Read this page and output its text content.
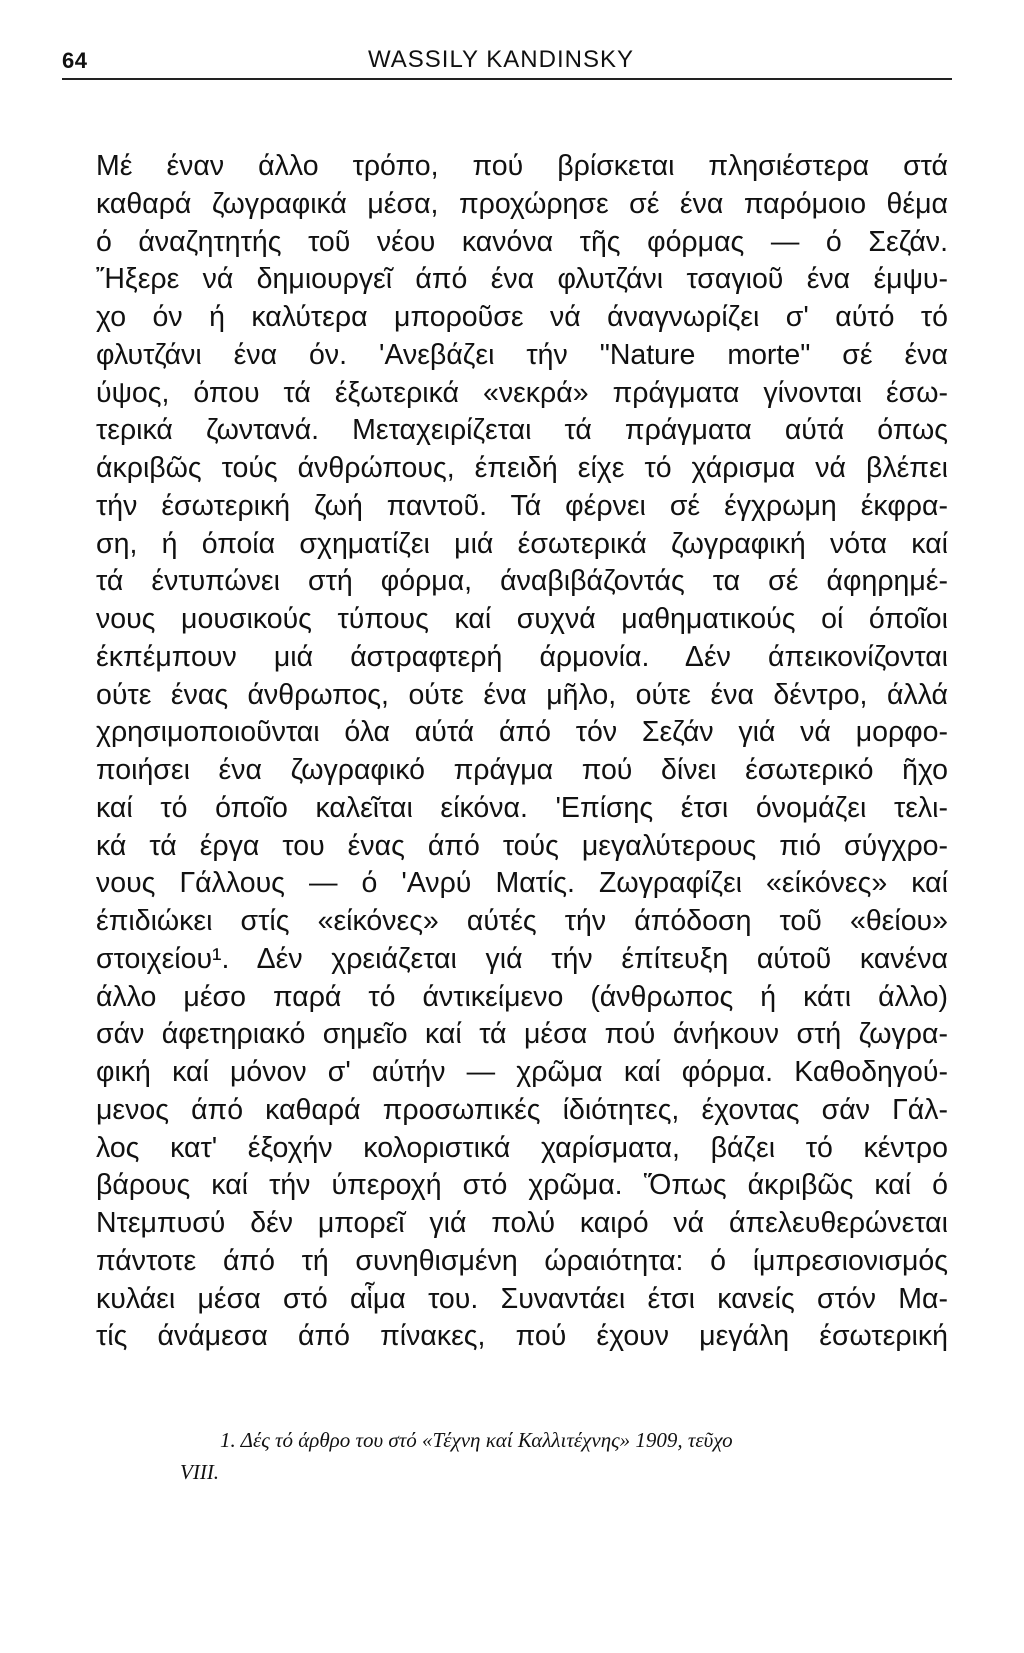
64	WASSILY KANDINSKY
Μέ έναν άλλο τρόπο, πού βρίσκεται πλησιέστερα στά
καθαρά ζωγραφικά μέσα, προχώρησε σέ ένα παρόμοιο θέμα
ό άναζητητής τοῦ νέου κανόνα τῆς φόρμας — ό Σεζάν.
Ἤξερε νά δημιουργεῖ άπό ένα φλυτζάνι τσαγιοῦ ένα έμψυ-
χο όν ή καλύτερα μποροῦσε νά άναγνωρίζει σ' αύτό τό
φλυτζάνι ένα όν. 'Ανεβάζει τήν "Nature morte" σέ ένα
ύψος, όπου τά έξωτερικά «νεκρά» πράγματα γίνονται έσω-
τερικά ζωντανά. Μεταχειρίζεται τά πράγματα αύτά όπως
άκριβῶς τούς άνθρώπους, έπειδή είχε τό χάρισμα νά βλέπει
τήν έσωτερική ζωή παντοῦ. Τά φέρνει σέ έγχρωμη έκφρα-
ση, ή όποία σχηματίζει μιά έσωτερικά ζωγραφική νότα καί
τά έντυπώνει στή φόρμα, άναβιβάζοντάς τα σέ άφηρημέ-
νους μουσικούς τύπους καί συχνά μαθηματικούς οί όποῖοι
έκπέμπουν μιά άστραφτερή άρμονία. Δέν άπεικονίζονται
ούτε ένας άνθρωπος, ούτε ένα μῆλο, ούτε ένα δέντρο, άλλά
χρησιμοποιοῦνται όλα αύτά άπό τόν Σεζάν γιά νά μορφο-
ποιήσει ένα ζωγραφικό πράγμα πού δίνει έσωτερικό ῆχο
καί τό όποῖο καλεῖται είκόνα. 'Επίσης έτσι όνομάζει τελι-
κά τά έργα του ένας άπό τούς μεγαλύτερους πιό σύγχρο-
νους Γάλλους — ό 'Ανρύ Ματίς. Ζωγραφίζει «είκόνες» καί
έπιδιώκει στίς «είκόνες» αύτές τήν άπόδοση τοῦ «θείου»
στοιχείου¹. Δέν χρειάζεται γιά τήν έπίτευξη αύτοῦ κανένα
άλλο μέσο παρά τό άντικείμενο (άνθρωπος ή κάτι άλλο)
σάν άφετηριακό σημεῖο καί τά μέσα πού άνήκουν στή ζωγρα-
φική καί μόνον σ' αύτήν — χρῶμα καί φόρμα. Καθοδηγού-
μενος άπό καθαρά προσωπικές ίδιότητες, έχοντας σάν Γάλ-
λος κατ' έξοχήν κολοριστικά χαρίσματα, βάζει τό κέντρο
βάρους καί τήν ύπεροχή στό χρῶμα. Ὅπως άκριβῶς καί ό
Ντεμπυσύ δέν μπορεῖ γιά πολύ καιρό νά άπελευθερώνεται
πάντοτε άπό τή συνηθισμένη ώραιότητα: ό ίμπρεσιονισμός
κυλάει μέσα στό αἷμα του. Συναντάει έτσι κανείς στόν Μα-
τίς άνάμεσα άπό πίνακες, πού έχουν μεγάλη έσωτερική
1. Δές τό άρθρο του στό «Τέχνη καί Καλλιτέχνης» 1909, τεῦχο
VIII.
